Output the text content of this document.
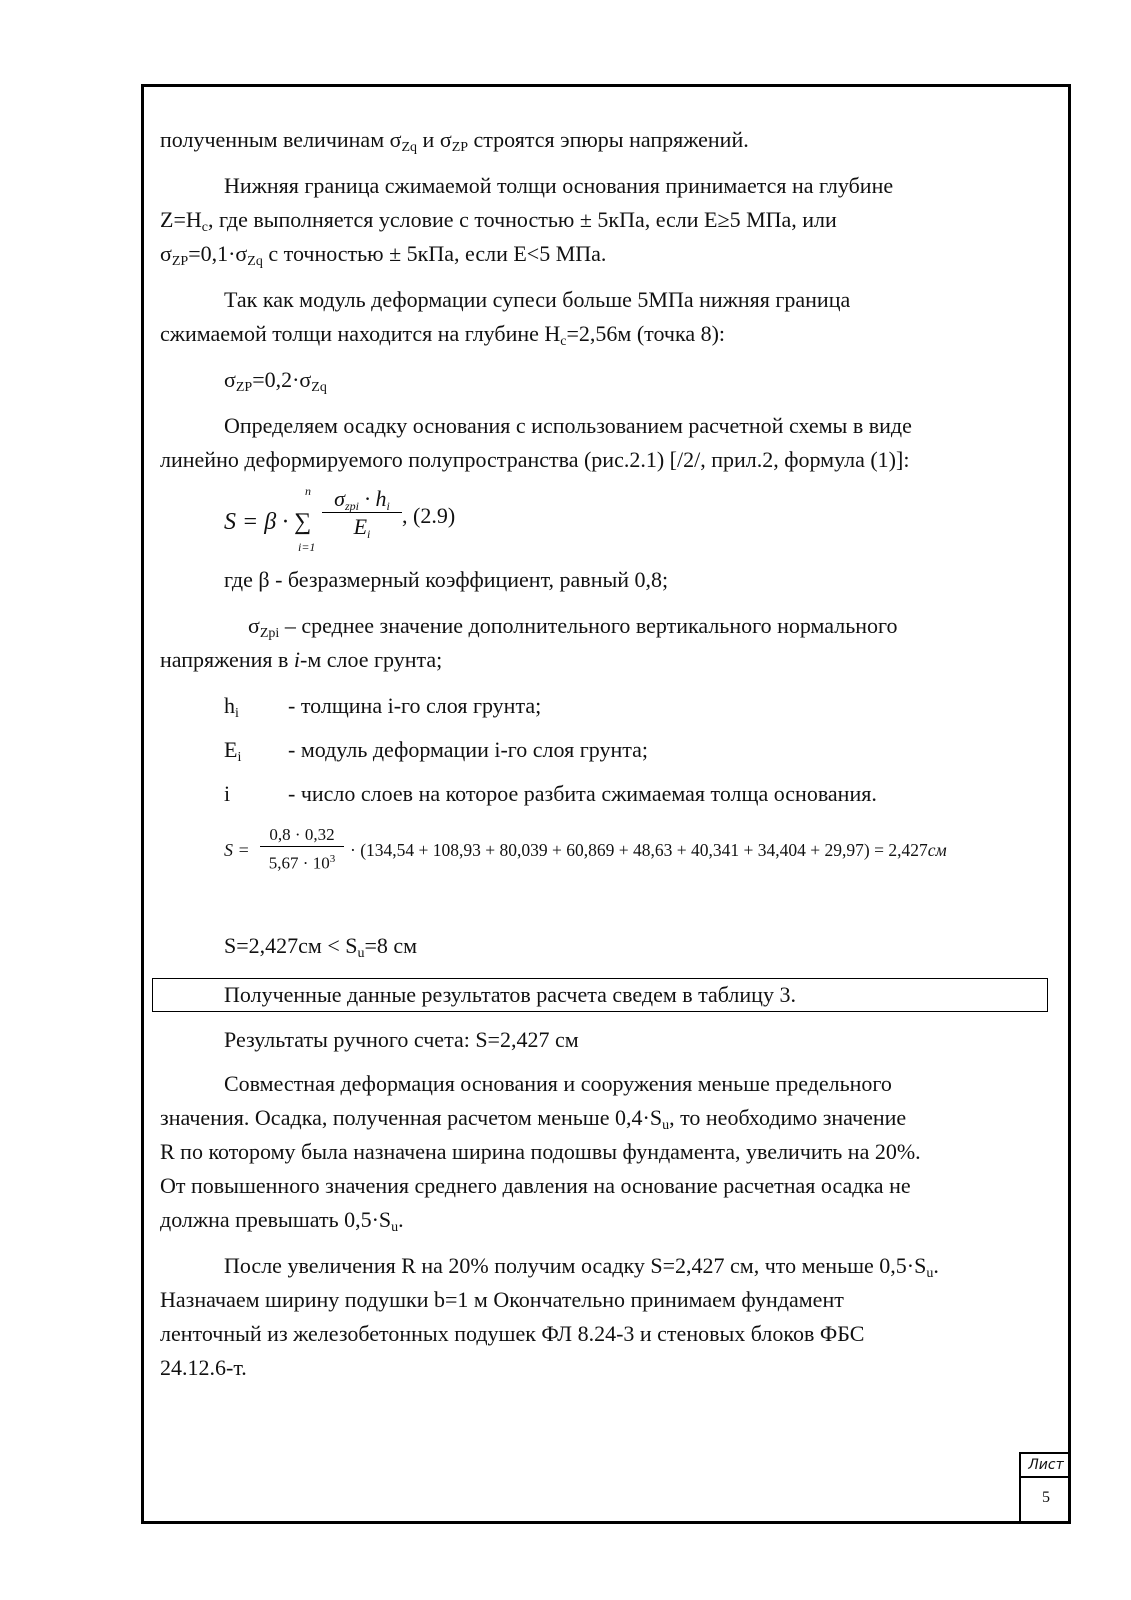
полученным величинам $\sigma_{Zq}$ и $\sigma_{ZP}$ строятся эпюры напряжений.
Нижняя граница сжимаемой толщи основания принимается на глубине
$Z=H_c$, где выполняется условие с точностью ± 5кПа, если E≥5 МПа, или
$\sigma_{ZP}=0,1\cdot\sigma_{Zq}$ с точностью ± 5кПа, если E<5 МПа.
Так как модуль деформации супеси больше 5МПа нижняя граница
сжимаемой толщи находится на глубине $H_c=2,56м$ (точка 8):
$\sigma_{ZP}=0,2\cdot\sigma_{Zq}$
Определяем осадку основания с использованием расчетной схемы в виде
линейно деформируемого полупространства (рис.2.1) [/2/, прил.2, формула (1)]:
S = β · ∑
n
i=1
$\sigma_{zpi} \cdot h_i$
$E_i$
, (2.9)
где β - безразмерный коэффициент, равный 0,8;
$\sigma_{Zpi}$ – среднее значение дополнительного вертикального нормального
напряжения в i-м слое грунта;
$h_i$ - толщина i-го слоя грунта;
$E_i$ - модуль деформации i-го слоя грунта;
i	- число слоев на которое разбита сжимаемая толща основания.
$S = \frac{0,8 \cdot 0,32}{5,67 \cdot 10^3} \cdot (134,54 + 108,93 + 80,039 + 60,869 + 48,63 + 40,341 + 34,404 + 29,97) = 2,427см$
$S=2,427см < S_u=8$ см
Полученные данные результатов расчета сведем в таблицу 3.
Результаты ручного счета: S=2,427 см
Совместная деформация основания и сооружения меньше предельного
значения. Осадка, полученная расчетом меньше $0,4\cdot S_u$, то необходимо значение
R по которому была назначена ширина подошвы фундамента, увеличить на 20%.
От повышенного значения среднего давления на основание расчетная осадка не
должна превышать $0,5\cdot S_u$.
После увеличения R на 20% получим осадку S=2,427 см, что меньше $0,5\cdot S_u$.
Назначаем ширину подушки b=1 м Окончательно принимаем фундамент
ленточный из железобетонных подушек ФЛ 8.24-3 и стеновых блоков ФБС
24.12.6-т.
Лист
5
